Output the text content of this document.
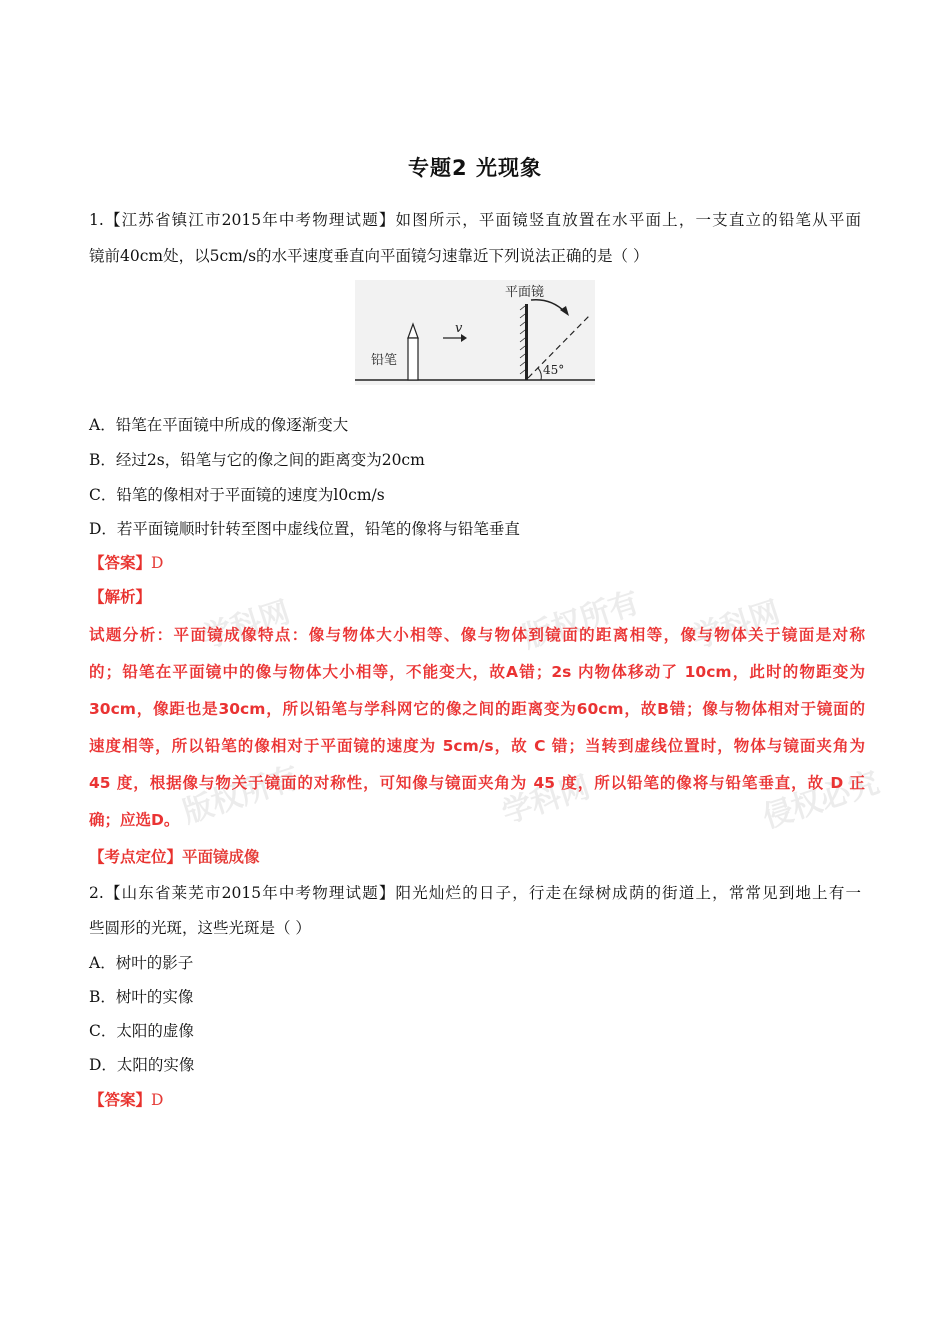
专题2 光现象
1.【江苏省镇江市2015年中考物理试题】如图所示，平面镜竖直放置在水平面上，一支直立的铅笔从平面
镜前40cm处，以5cm/s的水平速度垂直向平面镜匀速靠近下列说法正确的是（ ）
平面镜
铅笔
v
45°
A．铅笔在平面镜中所成的像逐渐变大
B．经过2s，铅笔与它的像之间的距离变为20cm
C．铅笔的像相对于平面镜的速度为l0cm/s
D．若平面镜顺时针转至图中虚线位置，铅笔的像将与铅笔垂直
【答案】D
【解析】 学科网	版权所有 学科网
版权所有	学科网	侵权必究
试题分析：平面镜成像特点：像与物体大小相等、像与物体到镜面的距离相等，像与物体关于镜面是对称
的；铅笔在平面镜中的像与物体大小相等，不能变大，故A错；2s 内物体移动了 10cm，此时的物距变为
30cm，像距也是30cm，所以铅笔与学科网它的像之间的距离变为60cm，故B错；像与物体相对于镜面的
速度相等，所以铅笔的像相对于平面镜的速度为 5cm/s，故 C 错；当转到虚线位置时，物体与镜面夹角为
45 度，根据像与物关于镜面的对称性，可知像与镜面夹角为 45 度，所以铅笔的像将与铅笔垂直，故 D 正
确；应选D。
【考点定位】平面镜成像
2.【山东省莱芜市2015年中考物理试题】阳光灿烂的日子，行走在绿树成荫的街道上，常常见到地上有一
些圆形的光斑，这些光斑是（ ）
A．树叶的影子
B．树叶的实像
C．太阳的虚像
D．太阳的实像
【答案】D
